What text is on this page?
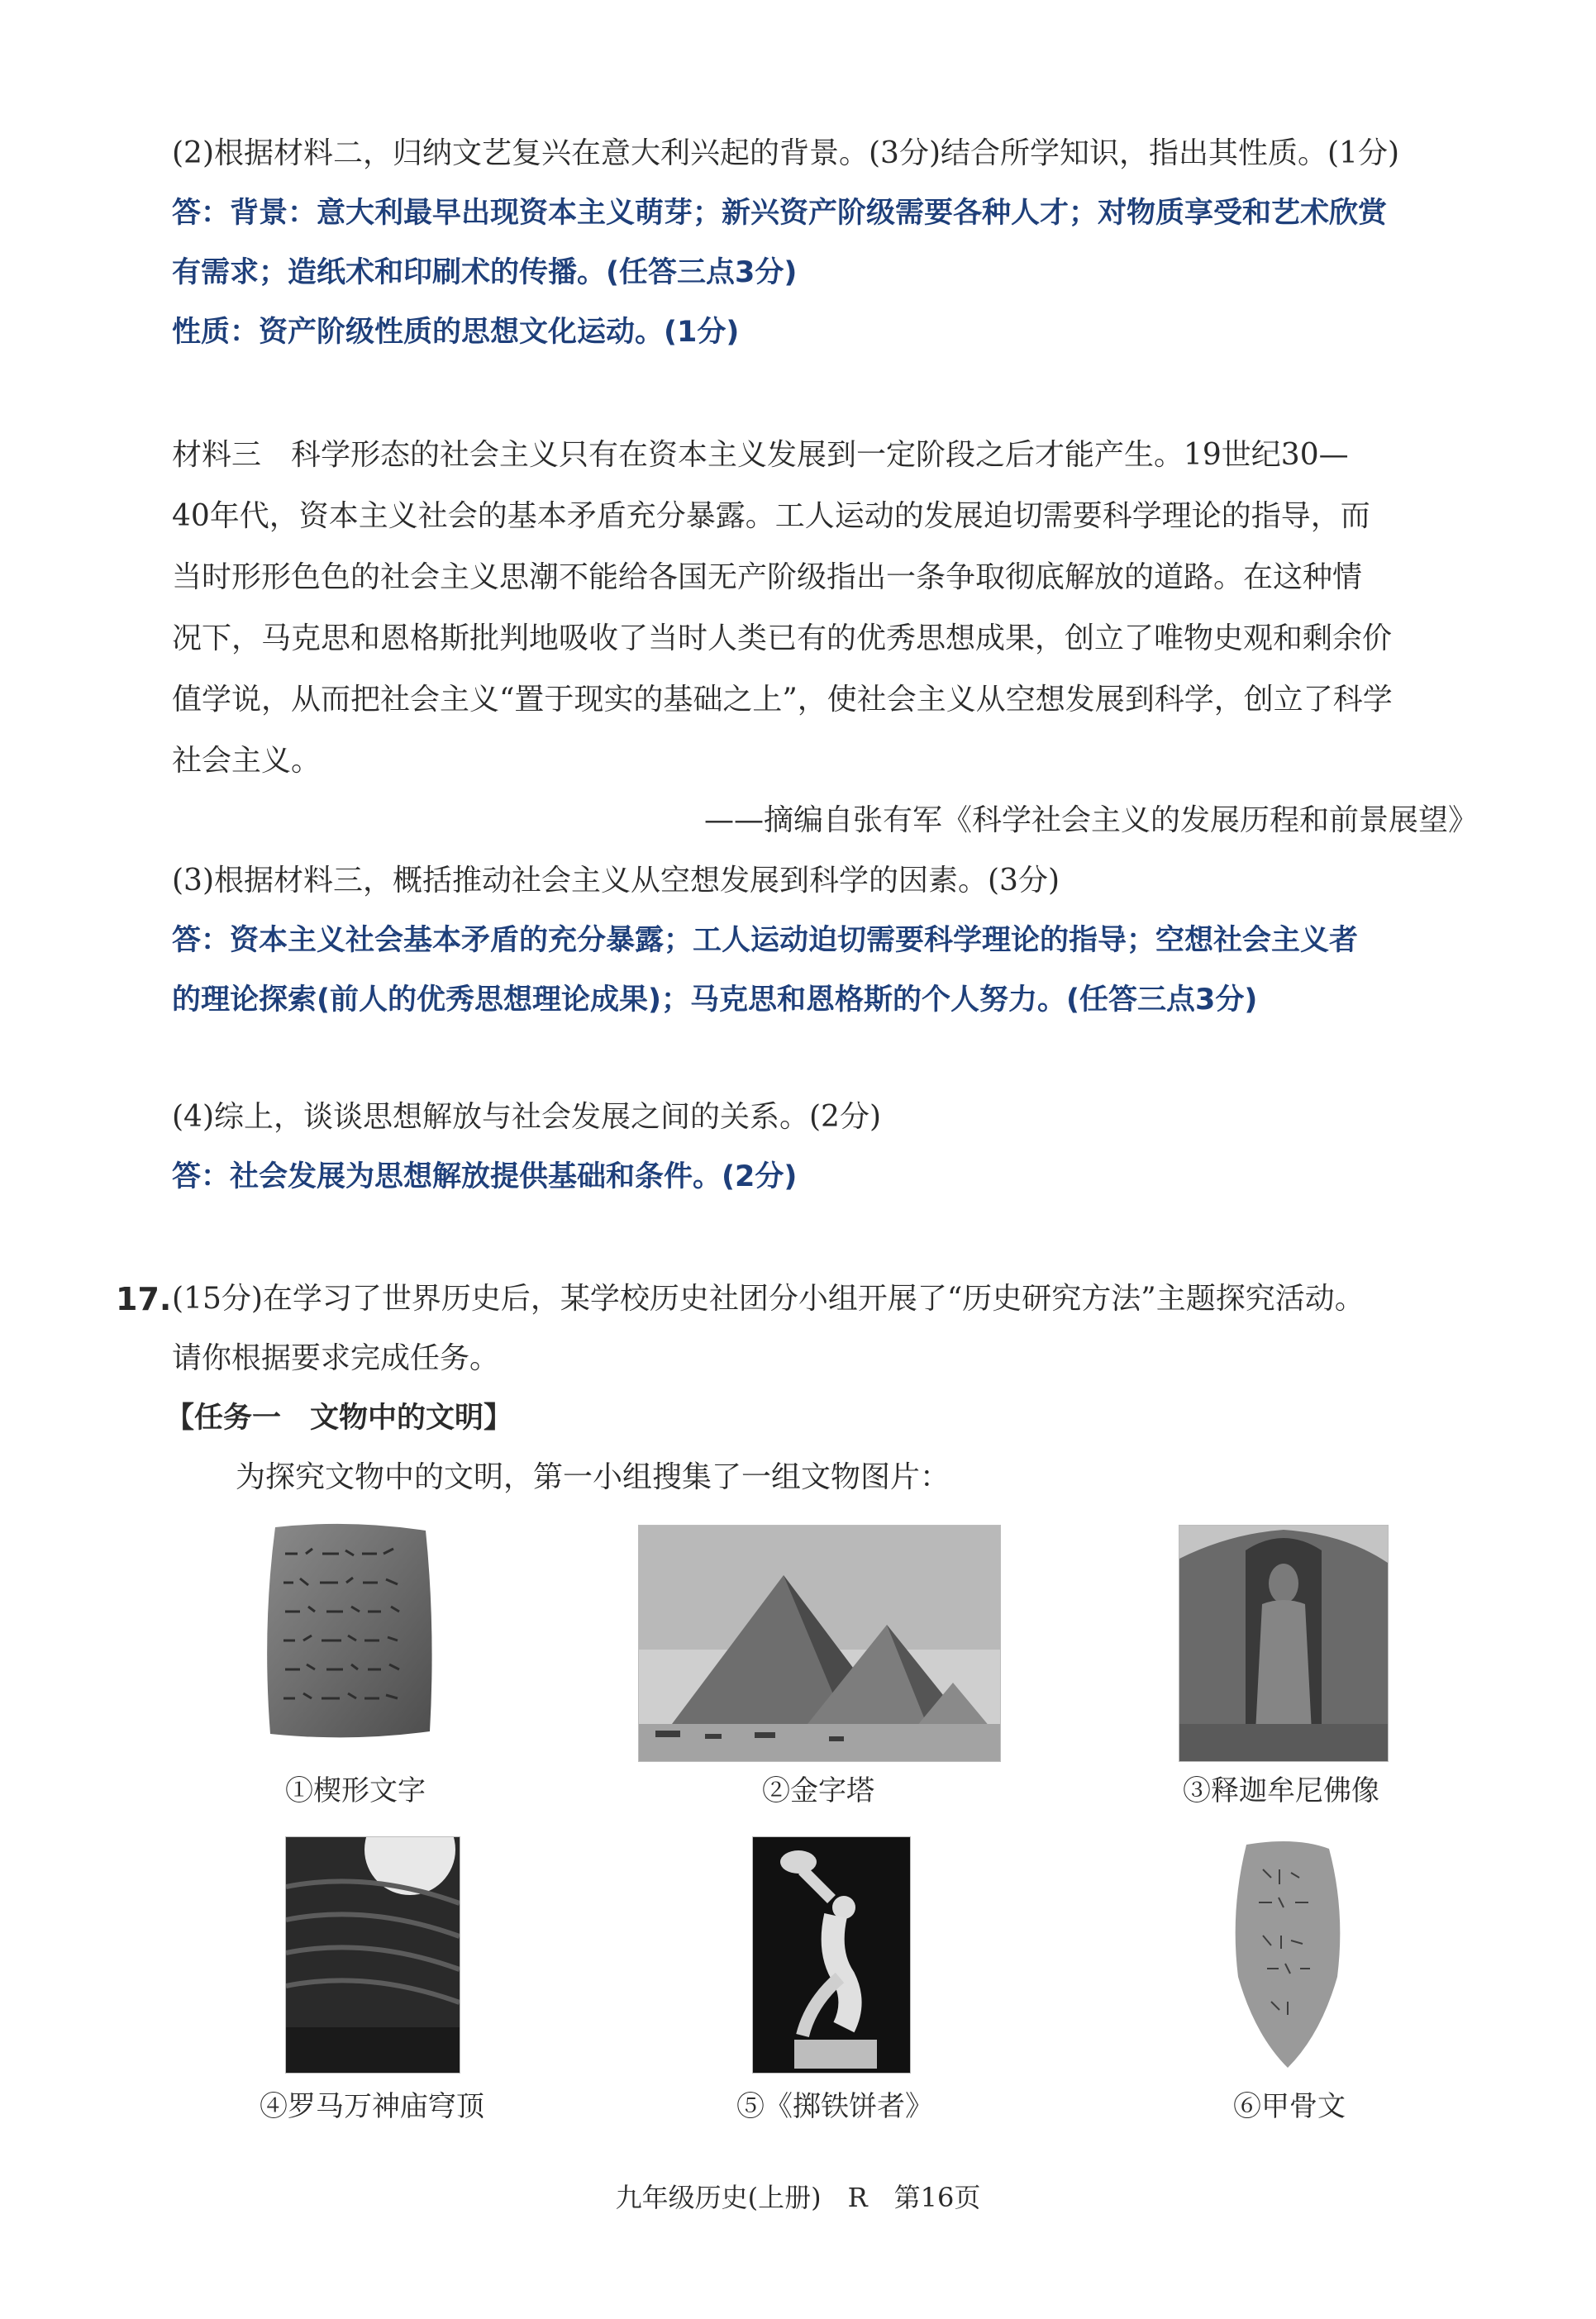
(2)根据材料二，归纳文艺复兴在意大利兴起的背景。(3分)结合所学知识，指出其性质。(1分)
答：背景：意大利最早出现资本主义萌芽；新兴资产阶级需要各种人才；对物质享受和艺术欣赏
有需求；造纸术和印刷术的传播。(任答三点3分)
性质：资产阶级性质的思想文化运动。(1分)
材料三　科学形态的社会主义只有在资本主义发展到一定阶段之后才能产生。19世纪30—
40年代，资本主义社会的基本矛盾充分暴露。工人运动的发展迫切需要科学理论的指导，而
当时形形色色的社会主义思潮不能给各国无产阶级指出一条争取彻底解放的道路。在这种情
况下，马克思和恩格斯批判地吸收了当时人类已有的优秀思想成果，创立了唯物史观和剩余价
值学说，从而把社会主义“置于现实的基础之上”，使社会主义从空想发展到科学，创立了科学
社会主义。
——摘编自张有军《科学社会主义的发展历程和前景展望》
(3)根据材料三，概括推动社会主义从空想发展到科学的因素。(3分)
答：资本主义社会基本矛盾的充分暴露；工人运动迫切需要科学理论的指导；空想社会主义者
的理论探索(前人的优秀思想理论成果)；马克思和恩格斯的个人努力。(任答三点3分)
(4)综上，谈谈思想解放与社会发展之间的关系。(2分)
答：社会发展为思想解放提供基础和条件。(2分)
17. (15分)在学习了世界历史后，某学校历史社团分小组开展了“历史研究方法”主题探究活动。
请你根据要求完成任务。
【任务一　文物中的文明】
为探究文物中的文明，第一小组搜集了一组文物图片：
①楔形文字	②金字塔	③释迦牟尼佛像
④罗马万神庙穹顶	⑤《掷铁饼者》	⑥甲骨文
九年级历史(上册)　R　第16页
